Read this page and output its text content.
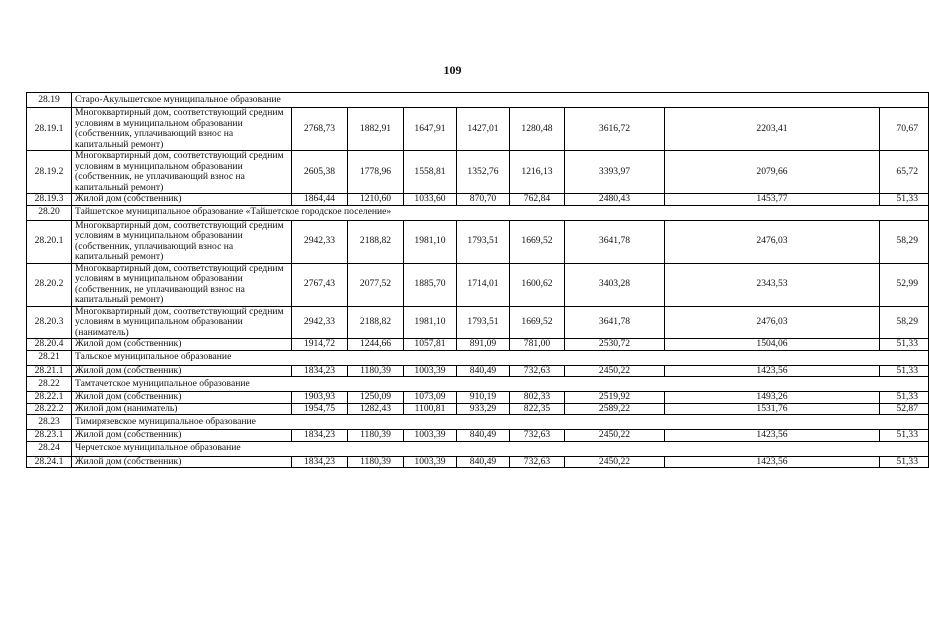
109
28.19	Старо-Акульшетское муниципальное образование								
28.19.1	Многоквартирный дом, соответствующий средним условиям в муниципальном образовании (собственник, уплачивающий взнос на капитальный ремонт)	2768,73	1882,91	1647,91	1427,01	1280,48	3616,72	2203,41	70,67
28.19.2	Многоквартирный дом, соответствующий средним условиям в муниципальном образовании (собственник, не уплачивающий взнос на капитальный ремонт)	2605,38	1778,96	1558,81	1352,76	1216,13	3393,97	2079,66	65,72
28.19.3	Жилой дом (собственник)	1864,44	1210,60	1033,60	870,70	762,84	2480,43	1453,77	51,33
28.20	Тайшетское муниципальное образование «Тайшетское городское поселение»								
28.20.1	Многоквартирный дом, соответствующий средним условиям в муниципальном образовании (собственник, уплачивающий взнос на капитальный ремонт)	2942,33	2188,82	1981,10	1793,51	1669,52	3641,78	2476,03	58,29
28.20.2	Многоквартирный дом, соответствующий средним условиям в муниципальном образовании (собственник, не уплачивающий взнос на капитальный ремонт)	2767,43	2077,52	1885,70	1714,01	1600,62	3403,28	2343,53	52,99
28.20.3	Многоквартирный дом, соответствующий средним условиям в муниципальном образовании (наниматель)	2942,33	2188,82	1981,10	1793,51	1669,52	3641,78	2476,03	58,29
28.20.4	Жилой дом (собственник)	1914,72	1244,66	1057,81	891,09	781,00	2530,72	1504,06	51,33
28.21	Тальское муниципальное образование								
28.21.1	Жилой дом (собственник)	1834,23	1180,39	1003,39	840,49	732,63	2450,22	1423,56	51,33
28.22	Тамтачетское муниципальное образование								
28.22.1	Жилой дом (собственник)	1903,93	1250,09	1073,09	910,19	802,33	2519,92	1493,26	51,33
28.22.2	Жилой дом (наниматель)	1954,75	1282,43	1100,81	933,29	822,35	2589,22	1531,76	52,87
28.23	Тимирязевское муниципальное образование								
28.23.1	Жилой дом (собственник)	1834,23	1180,39	1003,39	840,49	732,63	2450,22	1423,56	51,33
28.24	Черчетское муниципальное образование								
28.24.1	Жилой дом (собственник)	1834,23	1180,39	1003,39	840,49	732,63	2450,22	1423,56	51,33
